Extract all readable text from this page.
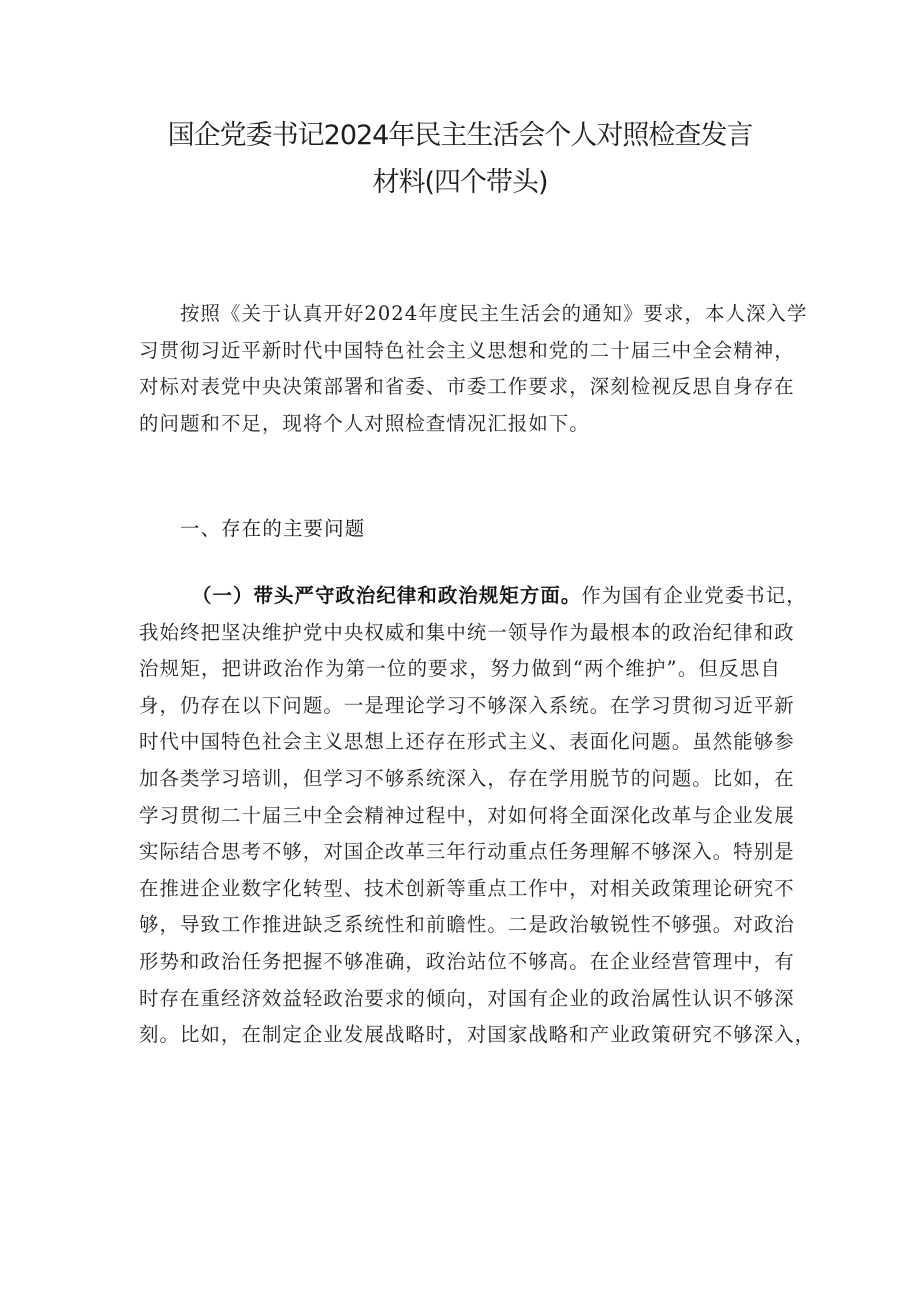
国企党委书记2024年民主生活会个人对照检查发言
材料(四个带头)
按照《关于认真开好2024年度民主生活会的通知》要求，本人深入学
习贯彻习近平新时代中国特色社会主义思想和党的二十届三中全会精神，
对标对表党中央决策部署和省委、市委工作要求，深刻检视反思自身存在
的问题和不足，现将个人对照检查情况汇报如下。
一、存在的主要问题
（一）带头严守政治纪律和政治规矩方面。作为国有企业党委书记，
我始终把坚决维护党中央权威和集中统一领导作为最根本的政治纪律和政
治规矩，把讲政治作为第一位的要求，努力做到“两个维护”。但反思自
身，仍存在以下问题。一是理论学习不够深入系统。在学习贯彻习近平新
时代中国特色社会主义思想上还存在形式主义、表面化问题。虽然能够参
加各类学习培训，但学习不够系统深入，存在学用脱节的问题。比如，在
学习贯彻二十届三中全会精神过程中，对如何将全面深化改革与企业发展
实际结合思考不够，对国企改革三年行动重点任务理解不够深入。特别是
在推进企业数字化转型、技术创新等重点工作中，对相关政策理论研究不
够，导致工作推进缺乏系统性和前瞻性。二是政治敏锐性不够强。对政治
形势和政治任务把握不够准确，政治站位不够高。在企业经营管理中，有
时存在重经济效益轻政治要求的倾向，对国有企业的政治属性认识不够深
刻。比如，在制定企业发展战略时，对国家战略和产业政策研究不够深入，
